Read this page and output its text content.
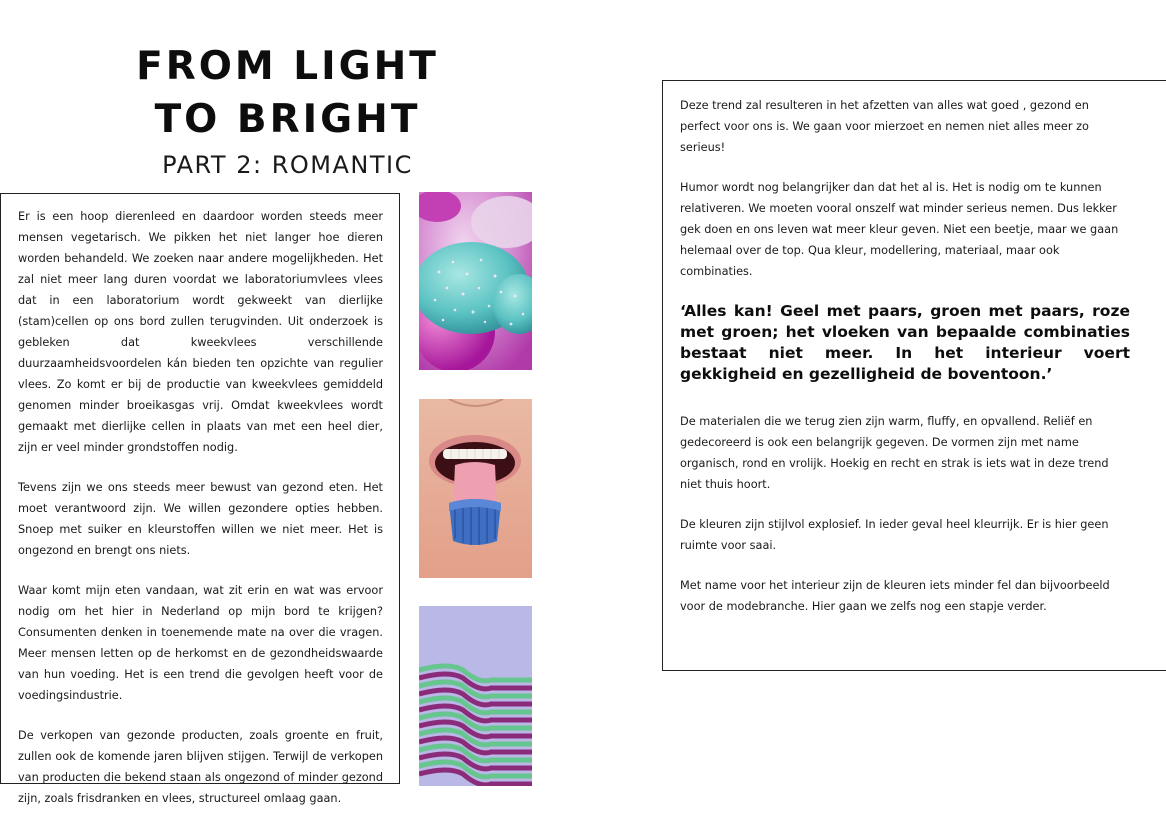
FROM LIGHT
TO BRIGHT
PART 2: ROMANTIC

Er is een hoop dierenleed en daardoor worden steeds meer mensen vegetarisch. We pikken het niet langer hoe dieren worden behandeld. We zoeken naar andere mogelijkheden. Het zal niet meer lang duren voordat we laboratoriumvlees vlees dat in een laboratorium wordt gekweekt van dierlijke (stam)cellen op ons bord zullen terugvinden. Uit onderzoek is gebleken dat kweekvlees verschillende duurzaamheidsvoordelen kán bieden ten opzichte van regulier vlees. Zo komt er bij de productie van kweekvlees gemiddeld genomen minder broeikasgas vrij. Omdat kweekvlees wordt gemaakt met dierlijke cellen in plaats van met een heel dier, zijn er veel minder grondstoffen nodig.

Tevens zijn we ons steeds meer bewust van gezond eten. Het moet verantwoord zijn. We willen gezondere opties hebben. Snoep met suiker en kleurstoffen willen we niet meer. Het is ongezond en brengt ons niets.

Waar komt mijn eten vandaan, wat zit erin en wat was ervoor nodig om het hier in Nederland op mijn bord te krijgen? Consumenten denken in toenemende mate na over die vragen. Meer mensen letten op de herkomst en de gezondheidswaarde van hun voeding. Het is een trend die gevolgen heeft voor de voedingsindustrie.

De verkopen van gezonde producten, zoals groente en fruit, zullen ook de komende jaren blijven stijgen. Terwijl de verkopen van producten die bekend staan als ongezond of minder gezond zijn, zoals frisdranken en vlees, structureel omlaag gaan.

Deze trend zal resulteren in het afzetten van alles wat goed , gezond en perfect voor ons is. We gaan voor mierzoet en nemen niet alles meer zo serieus!

Humor wordt nog belangrijker dan dat het al is. Het is nodig om te kunnen relativeren. We moeten vooral onszelf wat minder serieus nemen. Dus lekker gek doen en ons leven wat meer kleur geven. Niet een beetje, maar we gaan helemaal over de top. Qua kleur, modellering, materiaal, maar ook combinaties.

‘Alles kan! Geel met paars, groen met paars, roze met groen; het vloeken van bepaalde combinaties bestaat niet meer. In het interieur voert gekkigheid en gezelligheid de boventoon.’

De materialen die we terug zien zijn warm, fluffy, en opvallend. Reliëf en gedecoreerd is ook een belangrijk gegeven. De vormen zijn met name organisch, rond en vrolijk. Hoekig en recht en strak is iets wat in deze trend niet thuis hoort.

De kleuren zijn stijlvol explosief. In ieder geval heel kleurrijk. Er is hier geen ruimte voor saai.

Met name voor het interieur zijn de kleuren iets minder fel dan bijvoorbeeld voor de modebranche. Hier gaan we zelfs nog een stapje verder.
